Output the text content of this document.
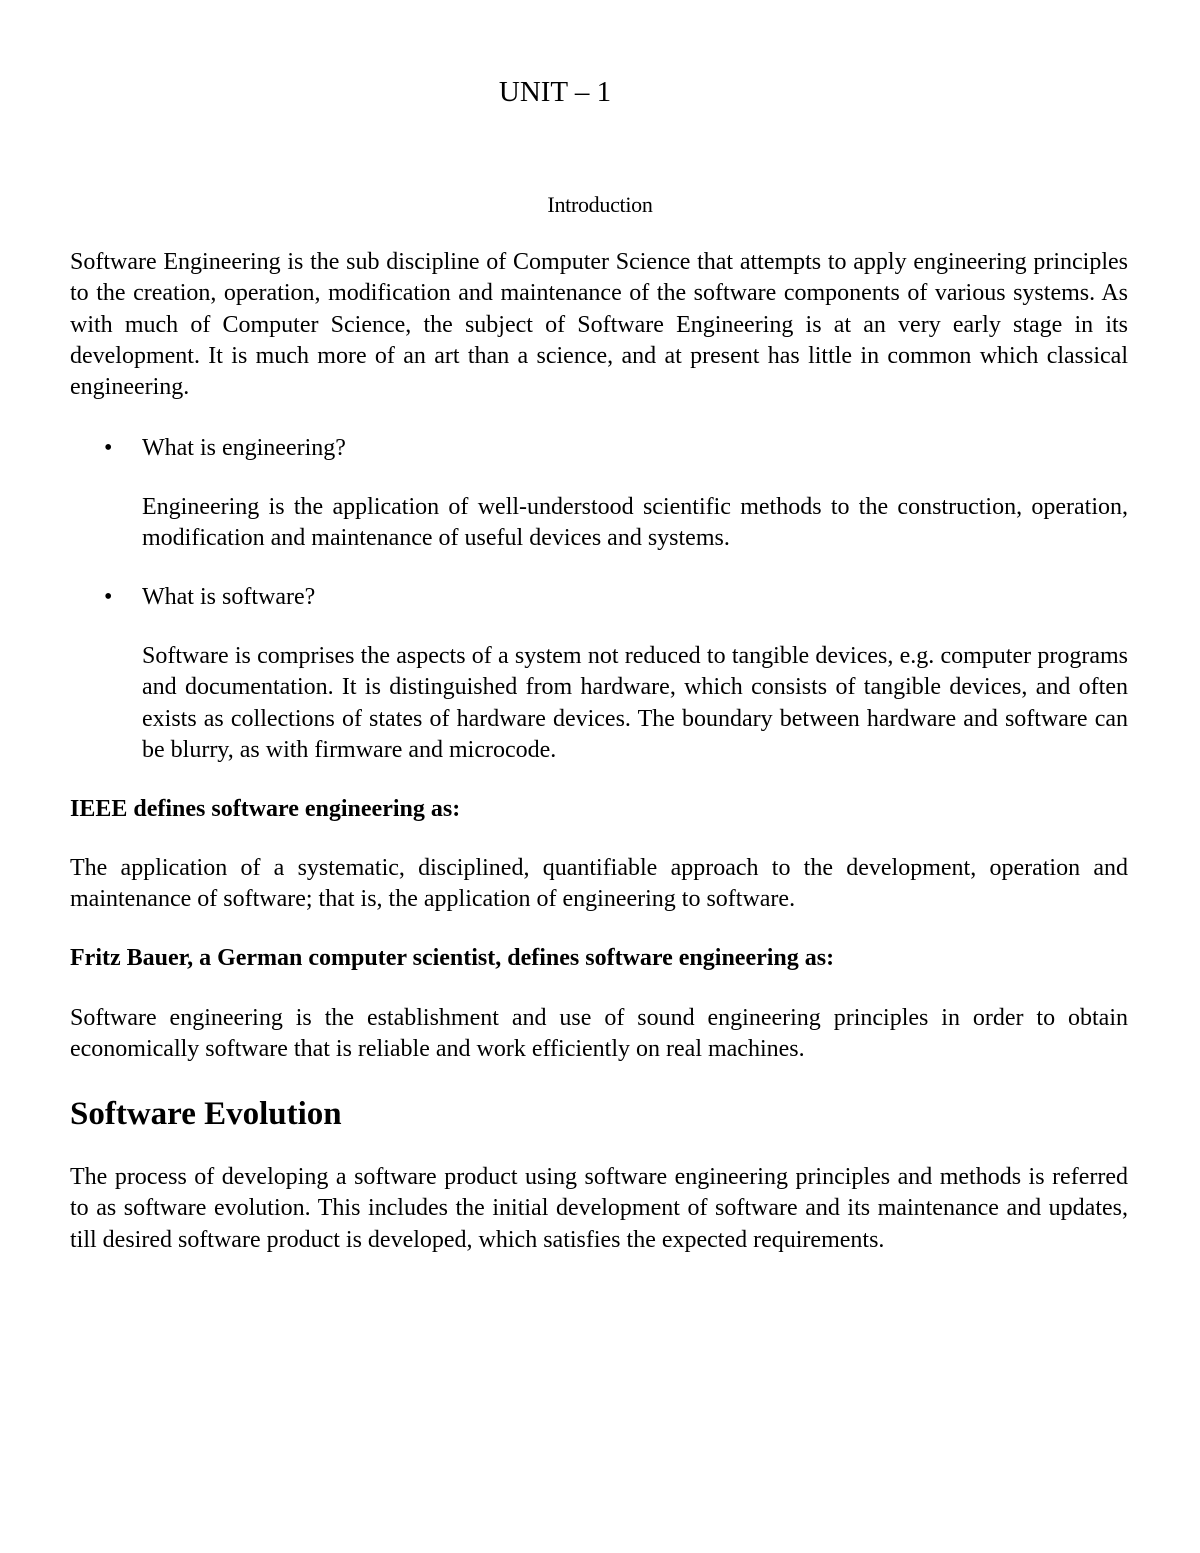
UNIT – 1
Introduction

Software Engineering is the sub discipline of Computer Science that attempts to apply engineering principles to the creation, operation, modification and maintenance of the software components of various systems. As with much of Computer Science, the subject of Software Engineering is at an very early stage in its development. It is much more of an art than a science, and at present has little in common which classical engineering.

• What is engineering?

Engineering is the application of well-understood scientific methods to the construction, operation, modification and maintenance of useful devices and systems.

• What is software?

Software is comprises the aspects of a system not reduced to tangible devices, e.g. computer programs and documentation. It is distinguished from hardware, which consists of tangible devices, and often exists as collections of states of hardware devices. The boundary between hardware and software can be blurry, as with firmware and microcode.

IEEE defines software engineering as:

The application of a systematic, disciplined, quantifiable approach to the development, operation and maintenance of software; that is, the application of engineering to software.

Fritz Bauer, a German computer scientist, defines software engineering as:

Software engineering is the establishment and use of sound engineering principles in order to obtain economically software that is reliable and work efficiently on real machines.

Software Evolution

The process of developing a software product using software engineering principles and methods is referred to as software evolution. This includes the initial development of software and its maintenance and updates, till desired software product is developed, which satisfies the expected requirements.
